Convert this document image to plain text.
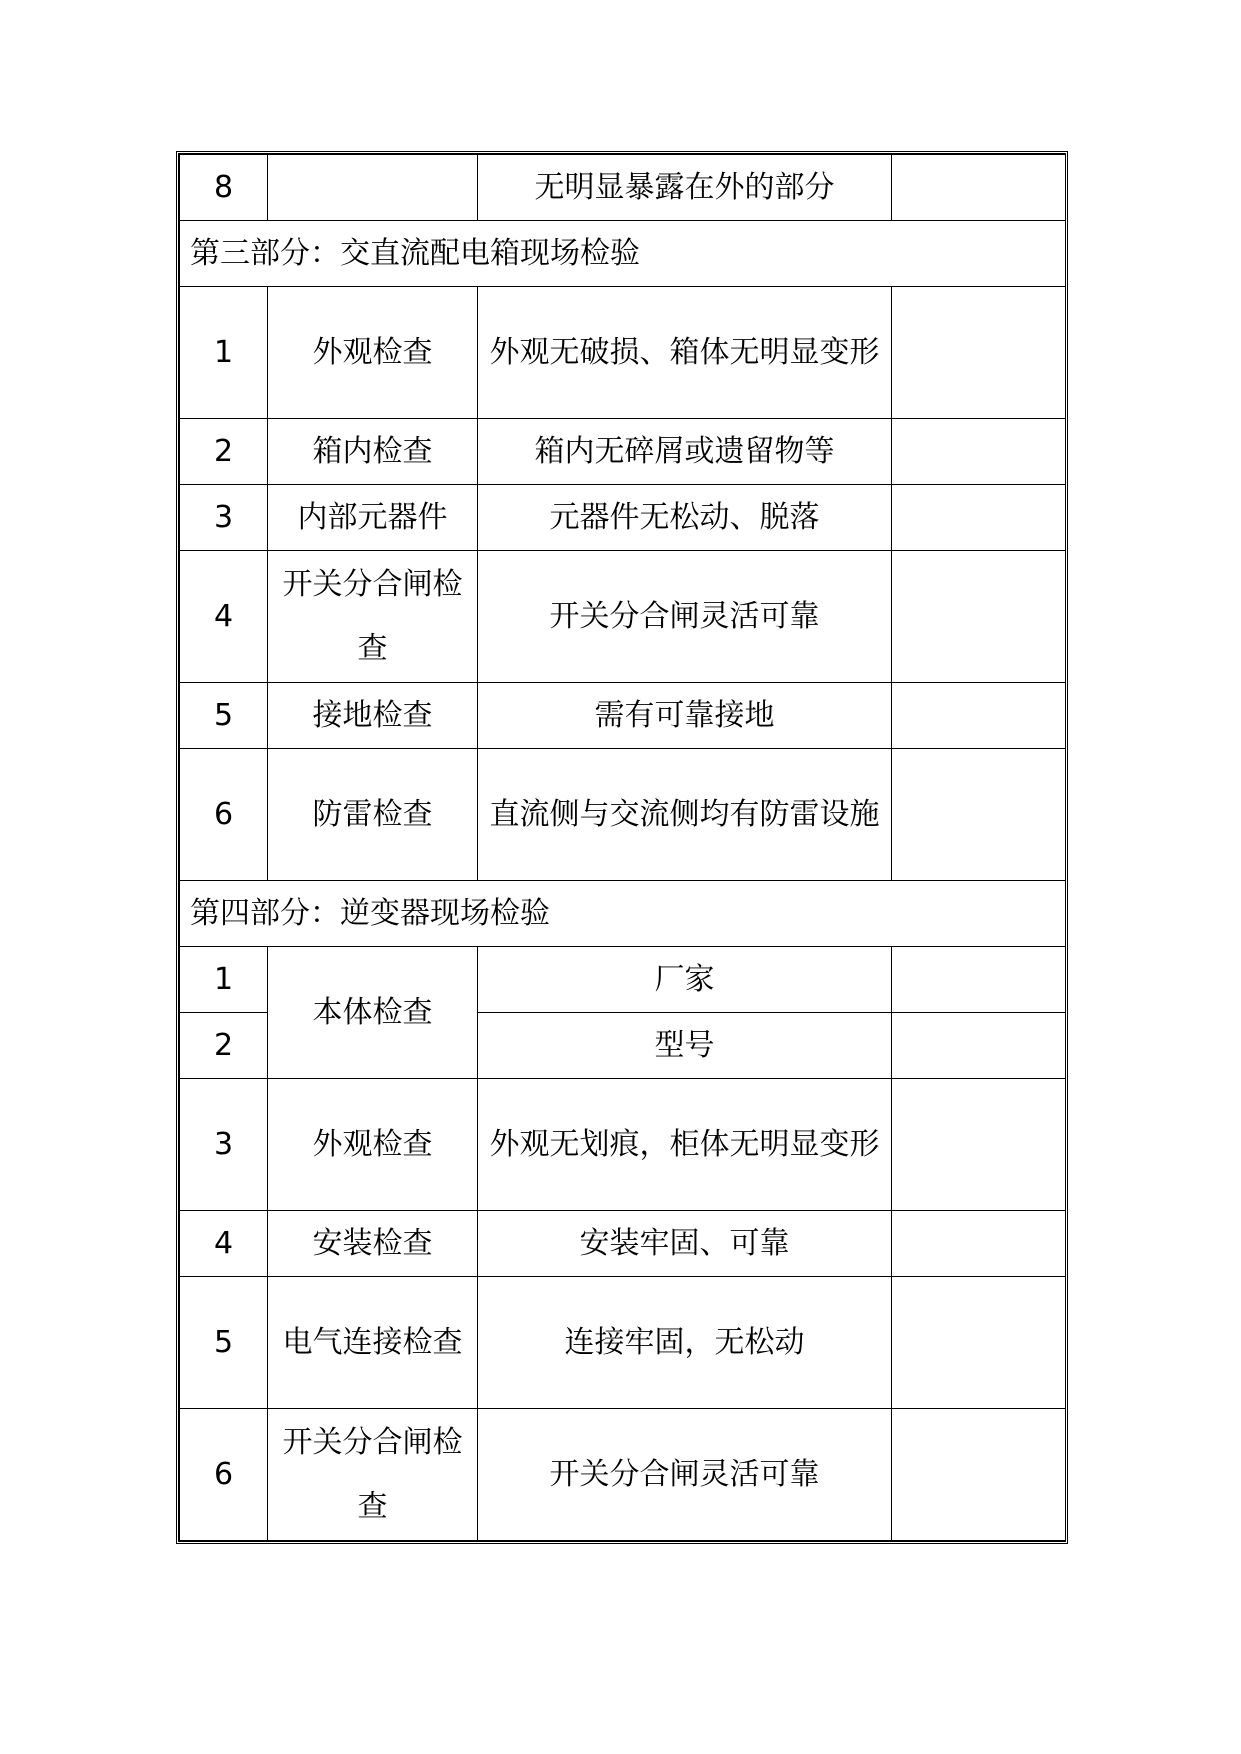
8		无明显暴露在外的部分	
第三部分：交直流配电箱现场检验			
1	外观检查	外观无破损、箱体无明显变形	
2	箱内检查	箱内无碎屑或遗留物等	
3	内部元器件	元器件无松动、脱落	
4	开关分合闸检查	开关分合闸灵活可靠	
5	接地检查	需有可靠接地	
6	防雷检查	直流侧与交流侧均有防雷设施	
第四部分：逆变器现场检验			
1	本体检查	厂家	
2		型号	
3	外观检查	外观无划痕，柜体无明显变形	
4	安装检查	安装牢固、可靠	
5	电气连接检查	连接牢固，无松动	
6	开关分合闸检查	开关分合闸灵活可靠	
